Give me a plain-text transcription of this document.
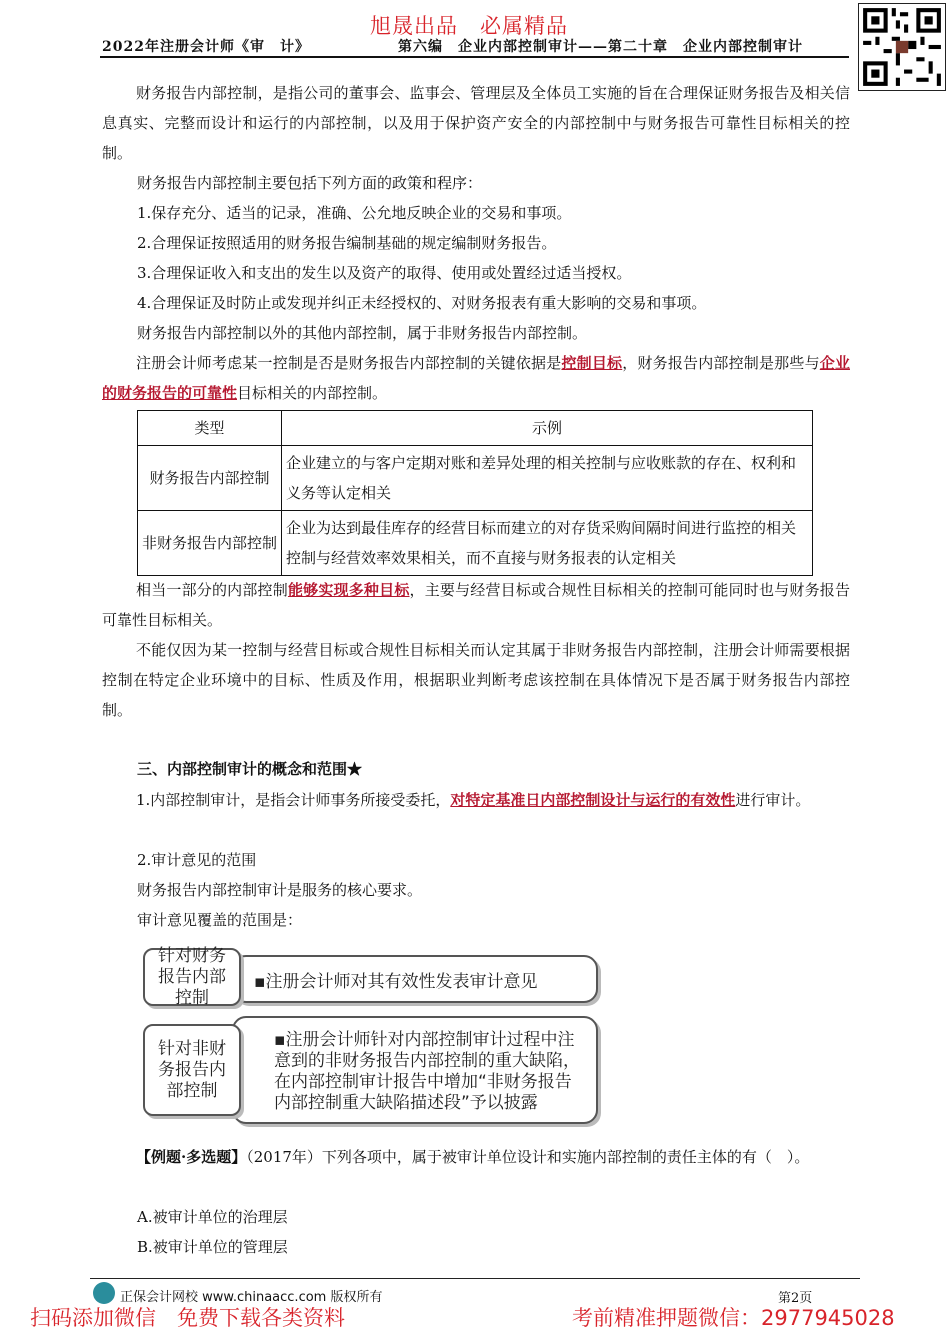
旭晟出品　必属精品
2022年注册会计师《审　计》	第六编　企业内部控制审计——第二十章　企业内部控制审计
财务报告内部控制，是指公司的董事会、监事会、管理层及全体员工实施的旨在合理保证财务报告及相关信息真实、完整而设计和运行的内部控制，以及用于保护资产安全的内部控制中与财务报告可靠性目标相关的控制。
财务报告内部控制主要包括下列方面的政策和程序：
1.保存充分、适当的记录，准确、公允地反映企业的交易和事项。
2.合理保证按照适用的财务报告编制基础的规定编制财务报告。
3.合理保证收入和支出的发生以及资产的取得、使用或处置经过适当授权。
4.合理保证及时防止或发现并纠正未经授权的、对财务报表有重大影响的交易和事项。
财务报告内部控制以外的其他内部控制，属于非财务报告内部控制。
注册会计师考虑某一控制是否是财务报告内部控制的关键依据是控制目标，财务报告内部控制是那些与企业的财务报告的可靠性目标相关的内部控制。
类型	示例
财务报告内部控制	企业建立的与客户定期对账和差异处理的相关控制与应收账款的存在、权利和义务等认定相关
非财务报告内部控制	企业为达到最佳库存的经营目标而建立的对存货采购间隔时间进行监控的相关控制与经营效率效果相关，而不直接与财务报表的认定相关
相当一部分的内部控制能够实现多种目标，主要与经营目标或合规性目标相关的控制可能同时也与财务报告可靠性目标相关。
不能仅因为某一控制与经营目标或合规性目标相关而认定其属于非财务报告内部控制，注册会计师需要根据控制在特定企业环境中的目标、性质及作用，根据职业判断考虑该控制在具体情况下是否属于财务报告内部控制。
三、内部控制审计的概念和范围★
1.内部控制审计，是指会计师事务所接受委托，对特定基准日内部控制设计与运行的有效性进行审计。
2.审计意见的范围
财务报告内部控制审计是服务的核心要求。
审计意见覆盖的范围是：
▪注册会计师对其有效性发表审计意见
针对财务报告内部控制
▪注册会计师针对内部控制审计过程中注意到的非财务报告内部控制的重大缺陷，在内部控制审计报告中增加“非财务报告内部控制重大缺陷描述段”予以披露
针对非财务报告内部控制
【例题·多选题】（2017年）下列各项中，属于被审计单位设计和实施内部控制的责任主体的有（　）。
A.被审计单位的治理层
B.被审计单位的管理层
正保会计网校 www.chinaacc.com 版权所有	第2页
扫码添加微信　免费下载各类资料	考前精准押题微信：2977945028
